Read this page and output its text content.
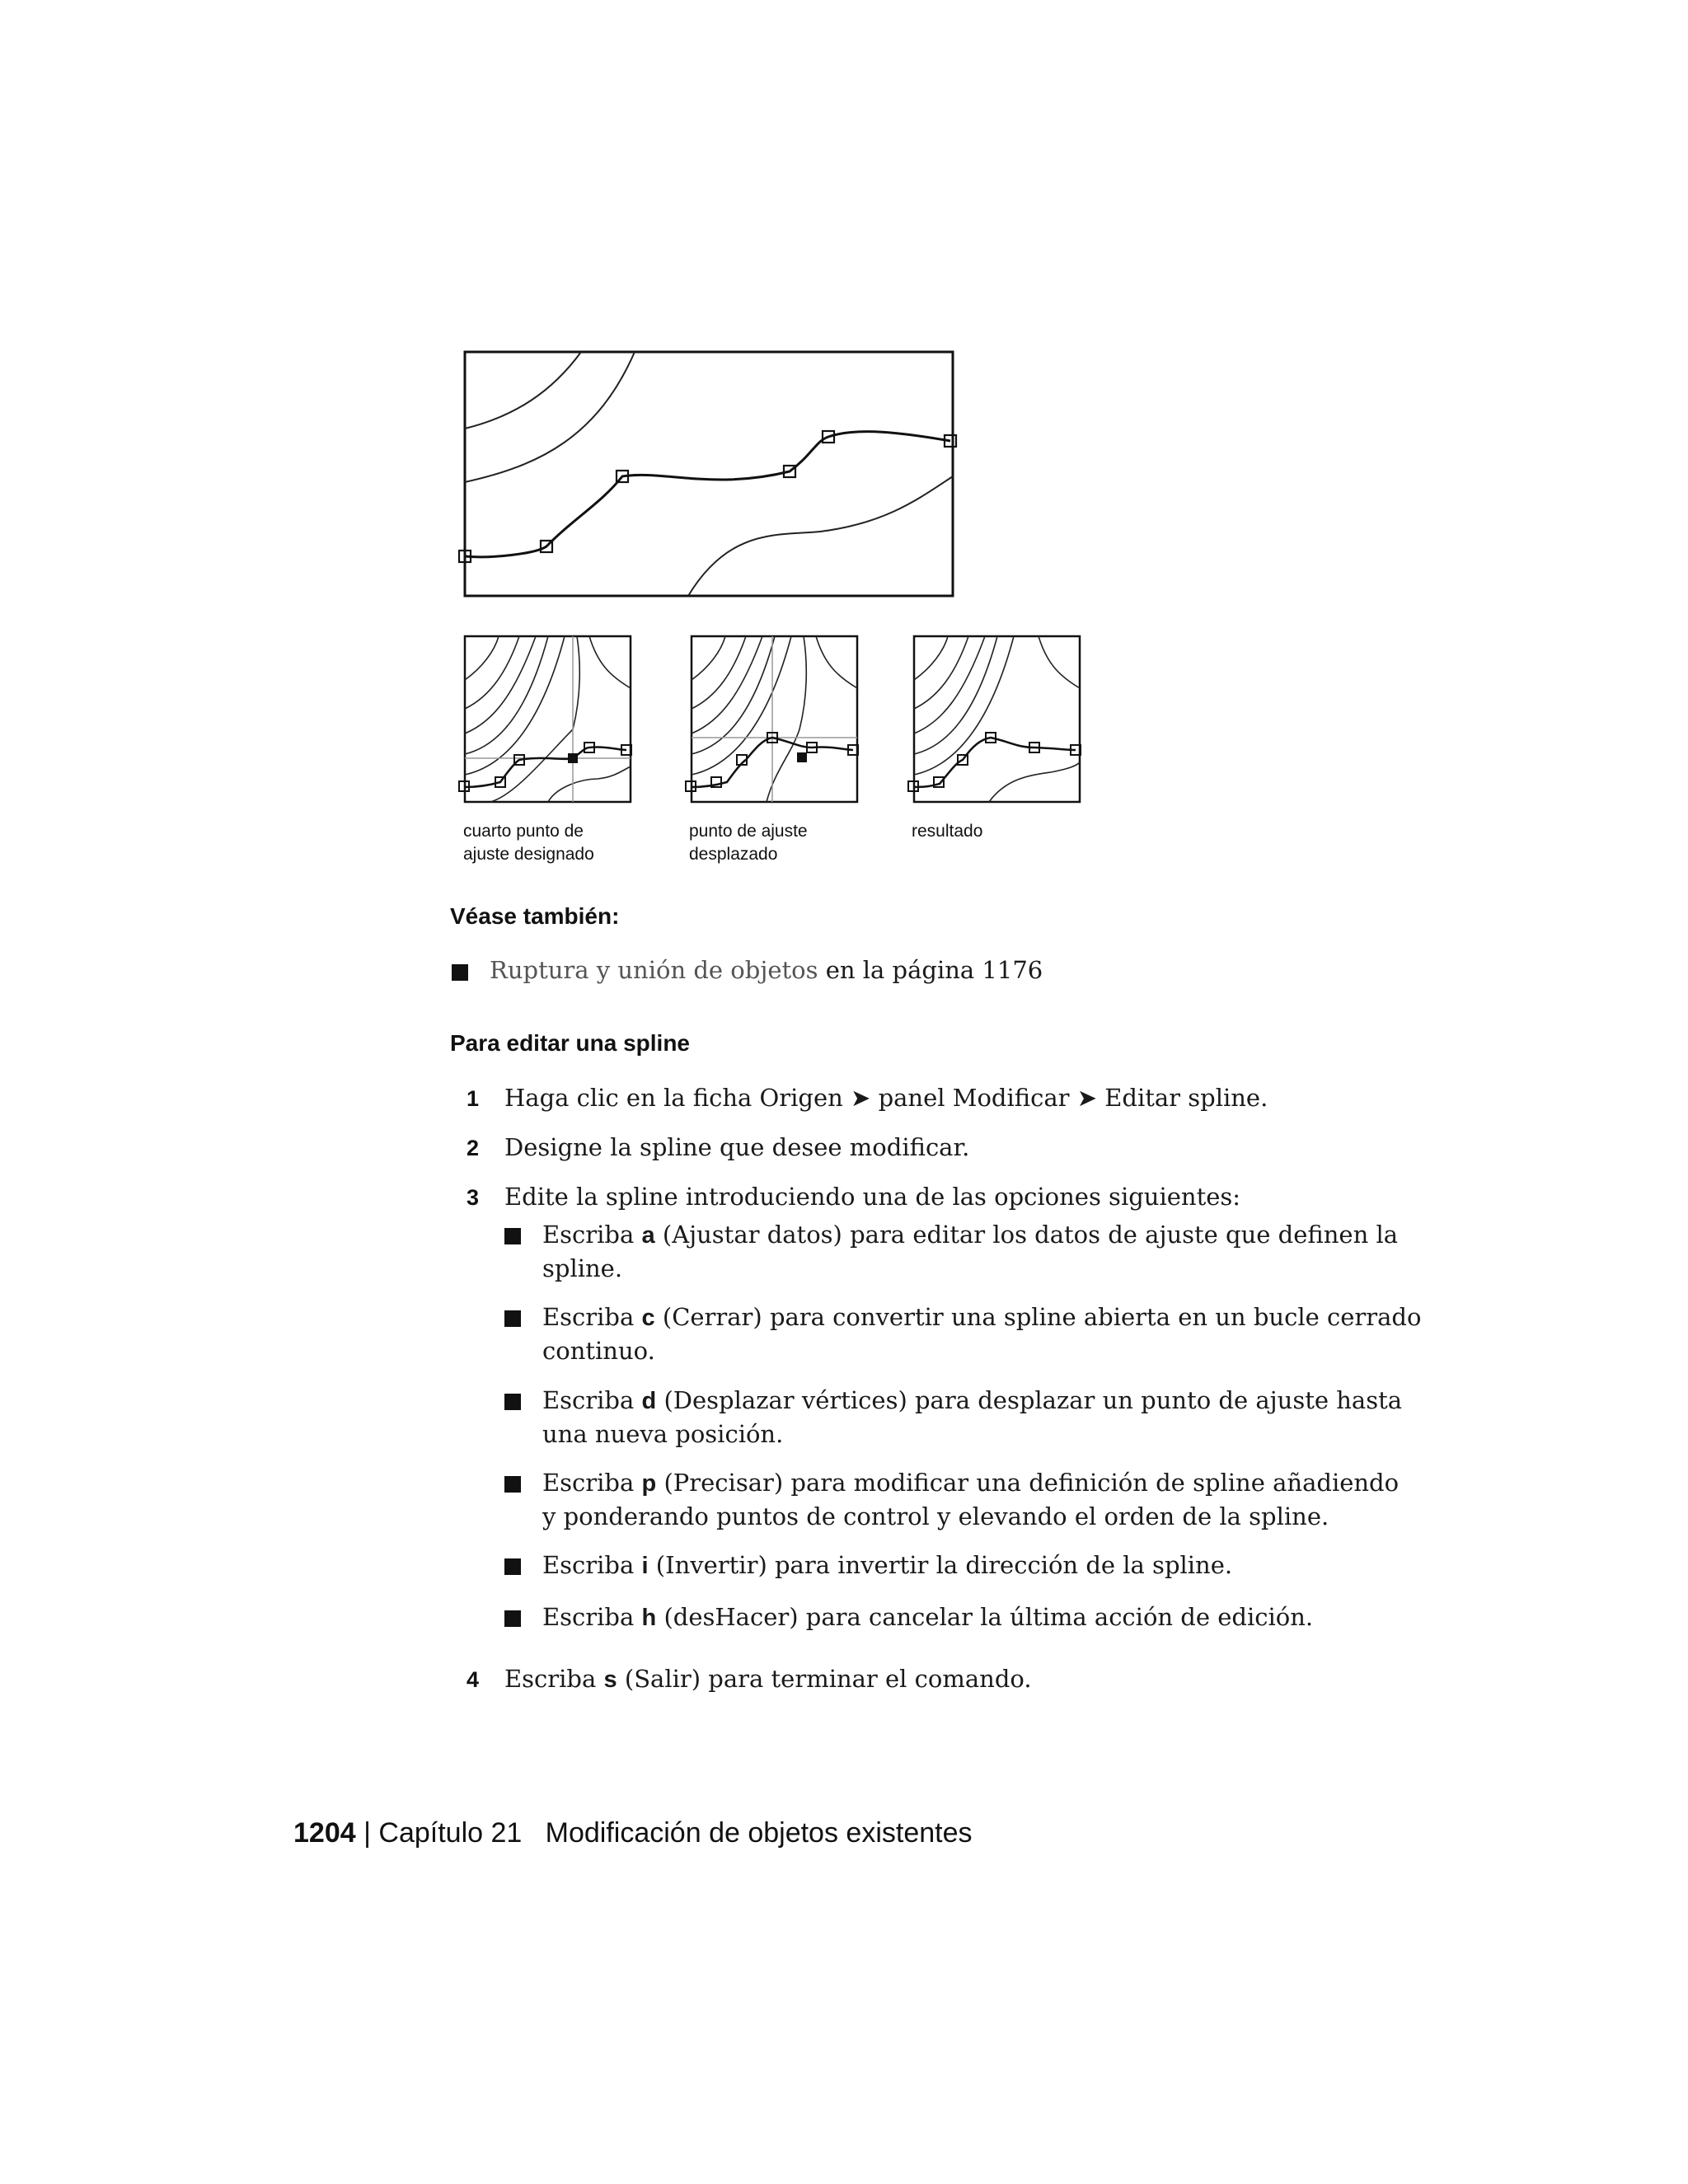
cuarto punto de
ajuste designado
punto de ajuste
desplazado
resultado
Véase también:
Ruptura y unión de objetos en la página 1176
Para editar una spline
1 Haga clic en la ficha Origen ➤ panel Modificar ➤ Editar spline.
2 Designe la spline que desee modificar.
3 Edite la spline introduciendo una de las opciones siguientes:
Escriba a (Ajustar datos) para editar los datos de ajuste que definen la
spline.
Escriba c (Cerrar) para convertir una spline abierta en un bucle cerrado
continuo.
Escriba d (Desplazar vértices) para desplazar un punto de ajuste hasta
una nueva posición.
Escriba p (Precisar) para modificar una definición de spline añadiendo
y ponderando puntos de control y elevando el orden de la spline.
Escriba i (Invertir) para invertir la dirección de la spline.
Escriba h (desHacer) para cancelar la última acción de edición.
4 Escriba s (Salir) para terminar el comando.
1204 | Capítulo 21 Modificación de objetos existentes
